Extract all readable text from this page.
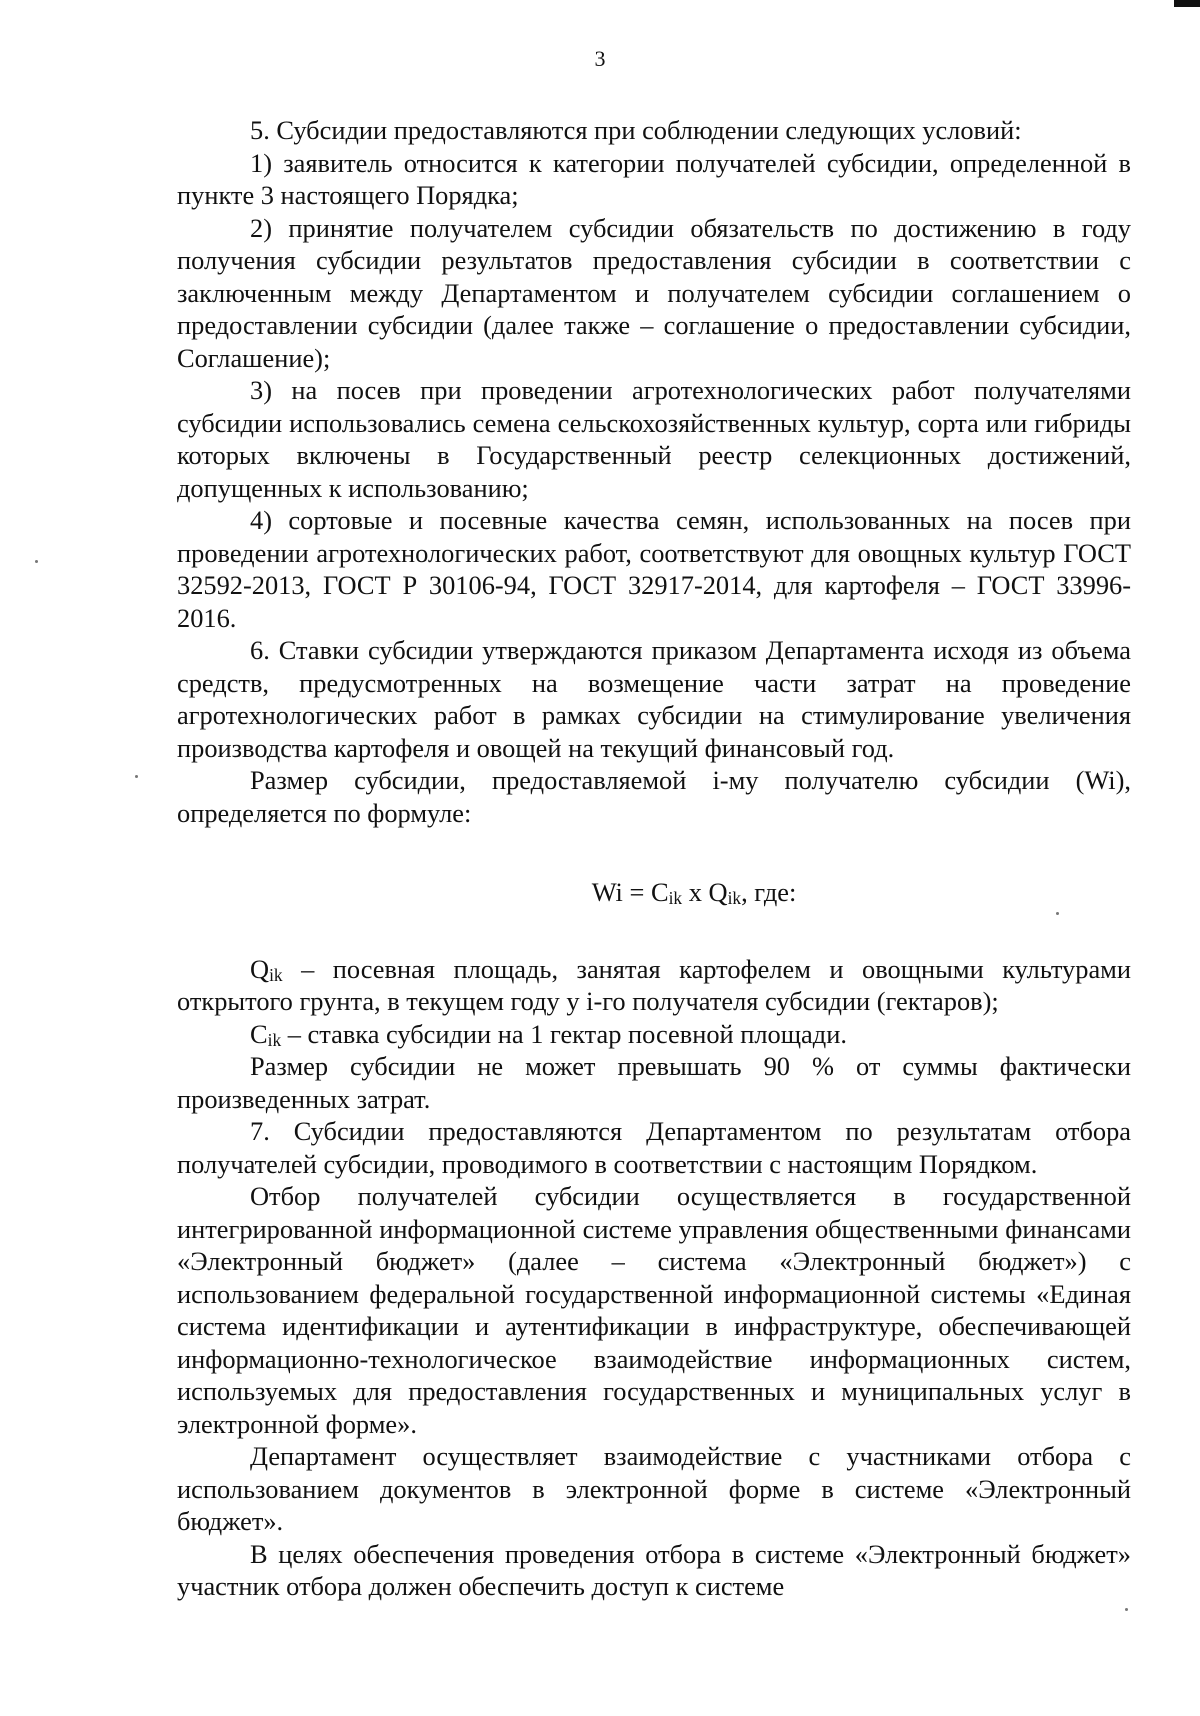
3

5. Субсидии предоставляются при соблюдении следующих условий:

1) заявитель относится к категории получателей субсидии, определенной в пункте 3 настоящего Порядка;

2) принятие получателем субсидии обязательств по достижению в году получения субсидии результатов предоставления субсидии в соответствии с заключенным между Департаментом и получателем субсидии соглашением о предоставлении субсидии (далее также – соглашение о предоставлении субсидии, Соглашение);

3) на посев при проведении агротехнологических работ получателями субсидии использовались семена сельскохозяйственных культур, сорта или гибриды которых включены в Государственный реестр селекционных достижений, допущенных к использованию;

4) сортовые и посевные качества семян, использованных на посев при проведении агротехнологических работ, соответствуют для овощных культур ГОСТ 32592-2013, ГОСТ Р 30106-94, ГОСТ 32917-2014, для картофеля – ГОСТ 33996-2016.

6. Ставки субсидии утверждаются приказом Департамента исходя из объема средств, предусмотренных на возмещение части затрат на проведение агротехнологических работ в рамках субсидии на стимулирование увеличения производства картофеля и овощей на текущий финансовый год.

Размер субсидии, предоставляемой i-му получателю субсидии (Wi), определяется по формуле:

$Wi = C_{ik}$ х $Q_{ik}$, где:

$Q_{ik}$ – посевная площадь, занятая картофелем и овощными культурами открытого грунта, в текущем году у i-го получателя субсидии (гектаров);

$C_{ik}$ – ставка субсидии на 1 гектар посевной площади.

Размер субсидии не может превышать 90 % от суммы фактически произведенных затрат.

7. Субсидии предоставляются Департаментом по результатам отбора получателей субсидии, проводимого в соответствии с настоящим Порядком.

Отбор получателей субсидии осуществляется в государственной интегрированной информационной системе управления общественными финансами «Электронный бюджет» (далее – система «Электронный бюджет») с использованием федеральной государственной информационной системы «Единая система идентификации и аутентификации в инфраструктуре, обеспечивающей информационно-технологическое взаимодействие информационных систем, используемых для предоставления государственных и муниципальных услуг в электронной форме».

Департамент осуществляет взаимодействие с участниками отбора с использованием документов в электронной форме в системе «Электронный бюджет».

В целях обеспечения проведения отбора в системе «Электронный бюджет» участник отбора должен обеспечить доступ к системе
